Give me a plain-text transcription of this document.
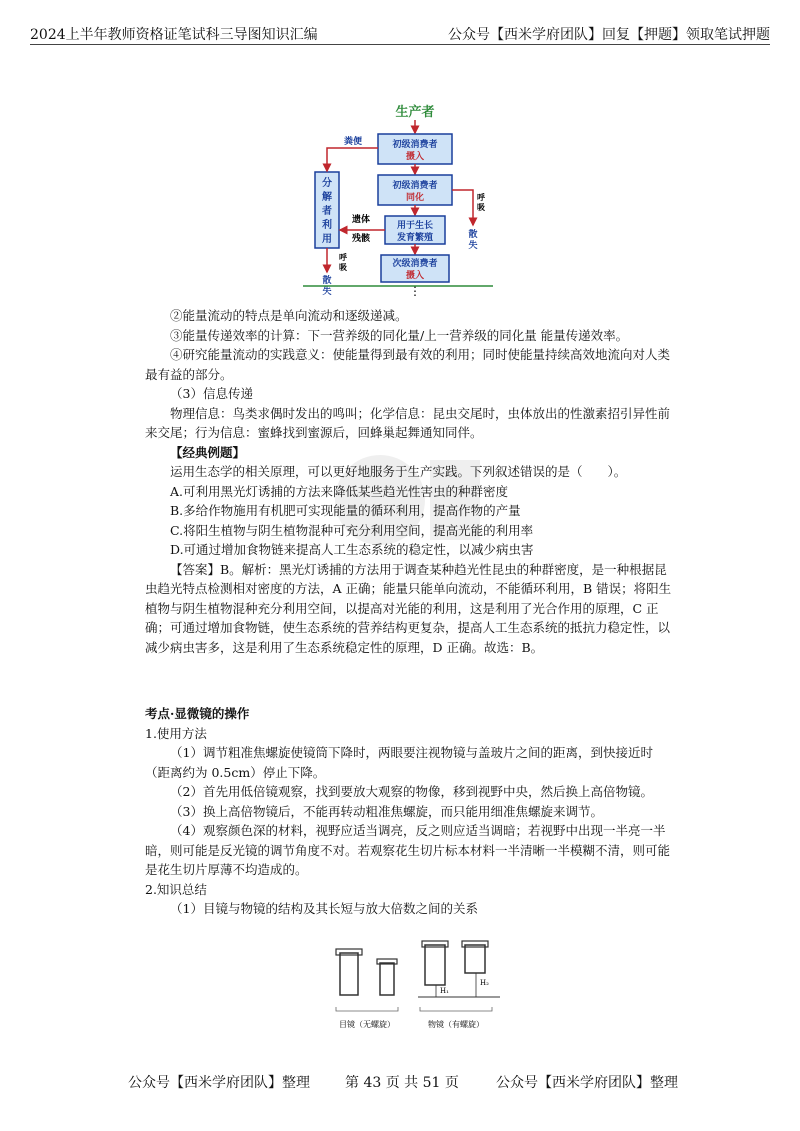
2024上半年教师资格证笔试科三导图知识汇编	公众号【西米学府团队】回复【押题】领取笔试押题
生产者
初级消费者
摄入
初级消费者
同化
用于生长
发育繁殖
次级消费者
摄入
⋮
分
解
者
利
用
粪便
遗体
残骸
呼
吸
散
失
呼
吸
散
失

②能量流动的特点是单向流动和逐级递减。

③能量传递效率的计算：下一营养级的同化量/上一营养级的同化量 能量传递效率。

④研究能量流动的实践意义：使能量得到最有效的利用；同时使能量持续高效地流向对人类最有益的部分。

（3）信息传递

物理信息：鸟类求偶时发出的鸣叫；化学信息：昆虫交尾时，虫体放出的性激素招引异性前来交尾；行为信息：蜜蜂找到蜜源后，回蜂巢起舞通知同伴。

【经典例题】

运用生态学的相关原理，可以更好地服务于生产实践。下列叙述错误的是（　　）。

A.可利用黑光灯诱捕的方法来降低某些趋光性害虫的种群密度

B.多给作物施用有机肥可实现能量的循环利用，提高作物的产量

C.将阳生植物与阴生植物混种可充分利用空间，提高光能的利用率

D.可通过增加食物链来提高人工生态系统的稳定性，以减少病虫害

【答案】B。解析：黑光灯诱捕的方法用于调查某种趋光性昆虫的种群密度，是一种根据昆虫趋光特点检测相对密度的方法，A 正确；能量只能单向流动，不能循环利用，B 错误；将阳生植物与阴生植物混种充分利用空间，以提高对光能的利用，这是利用了光合作用的原理，C 正确；可通过增加食物链，使生态系统的营养结构更复杂，提高人工生态系统的抵抗力稳定性，以减少病虫害多，这是利用了生态系统稳定性的原理，D 正确。故选：B。

考点·显微镜的操作

1.使用方法

（1）调节粗准焦螺旋使镜筒下降时，两眼要注视物镜与盖玻片之间的距离，到快接近时（距离约为 0.5cm）停止下降。

（2）首先用低倍镜观察，找到要放大观察的物像，移到视野中央，然后换上高倍物镜。

（3）换上高倍物镜后，不能再转动粗准焦螺旋，而只能用细准焦螺旋来调节。

（4）观察颜色深的材料，视野应适当调亮，反之则应适当调暗；若视野中出现一半亮一半暗，则可能是反光镜的调节角度不对。若观察花生切片标本材料一半清晰一半模糊不清，则可能是花生切片厚薄不均造成的。

2.知识总结

（1）目镜与物镜的结构及其长短与放大倍数之间的关系

目镜（无螺旋）
H₁
H₂
物镜（有螺旋）
公众号【西米学府团队】整理	第 43 页 共 51 页	公众号【西米学府团队】整理
